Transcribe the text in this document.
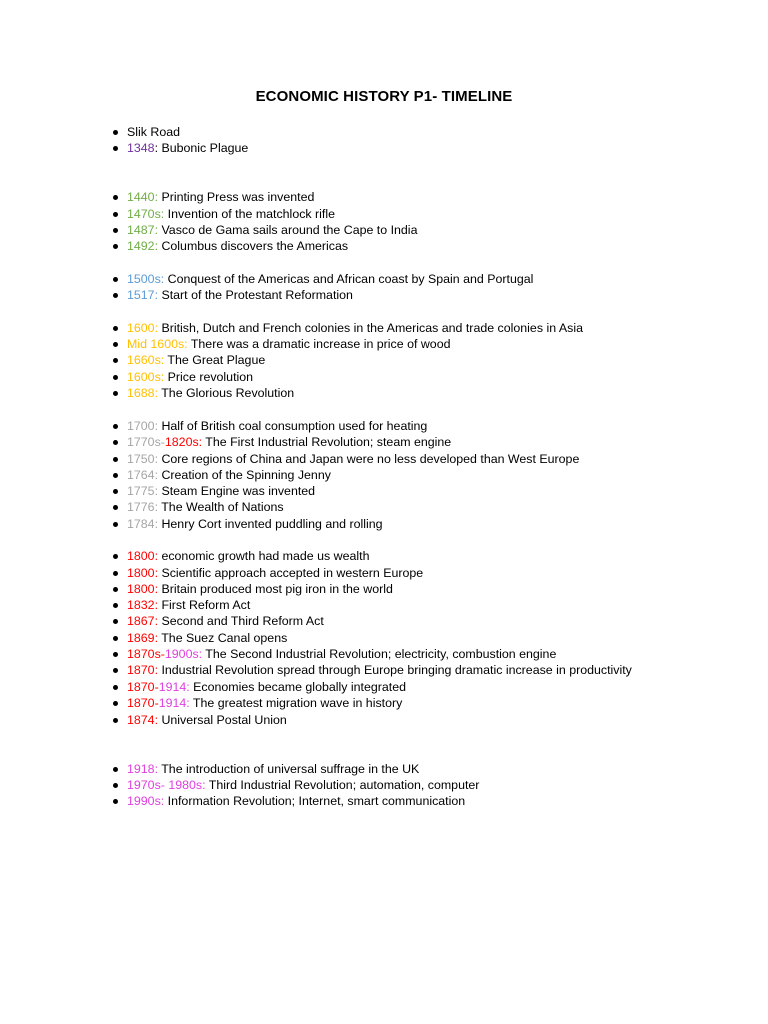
ECONOMIC HISTORY P1- TIMELINE
Slik Road
1348: Bubonic Plague
1440: Printing Press was invented
1470s: Invention of the matchlock rifle
1487: Vasco de Gama sails around the Cape to India
1492: Columbus discovers the Americas
1500s: Conquest of the Americas and African coast by Spain and Portugal
1517: Start of the Protestant Reformation
1600: British, Dutch and French colonies in the Americas and trade colonies in Asia
Mid 1600s: There was a dramatic increase in price of wood
1660s: The Great Plague
1600s: Price revolution
1688: The Glorious Revolution
1700: Half of British coal consumption used for heating
1770s-1820s: The First Industrial Revolution; steam engine
1750: Core regions of China and Japan were no less developed than West Europe
1764: Creation of the Spinning Jenny
1775: Steam Engine was invented
1776: The Wealth of Nations
1784: Henry Cort invented puddling and rolling
1800: economic growth had made us wealth
1800: Scientific approach accepted in western Europe
1800: Britain produced most pig iron in the world
1832: First Reform Act
1867: Second and Third Reform Act
1869: The Suez Canal opens
1870s-1900s: The Second Industrial Revolution; electricity, combustion engine
1870: Industrial Revolution spread through Europe bringing dramatic increase in productivity
1870-1914: Economies became globally integrated
1870-1914: The greatest migration wave in history
1874: Universal Postal Union
1918: The introduction of universal suffrage in the UK
1970s- 1980s: Third Industrial Revolution; automation, computer
1990s: Information Revolution; Internet, smart communication
